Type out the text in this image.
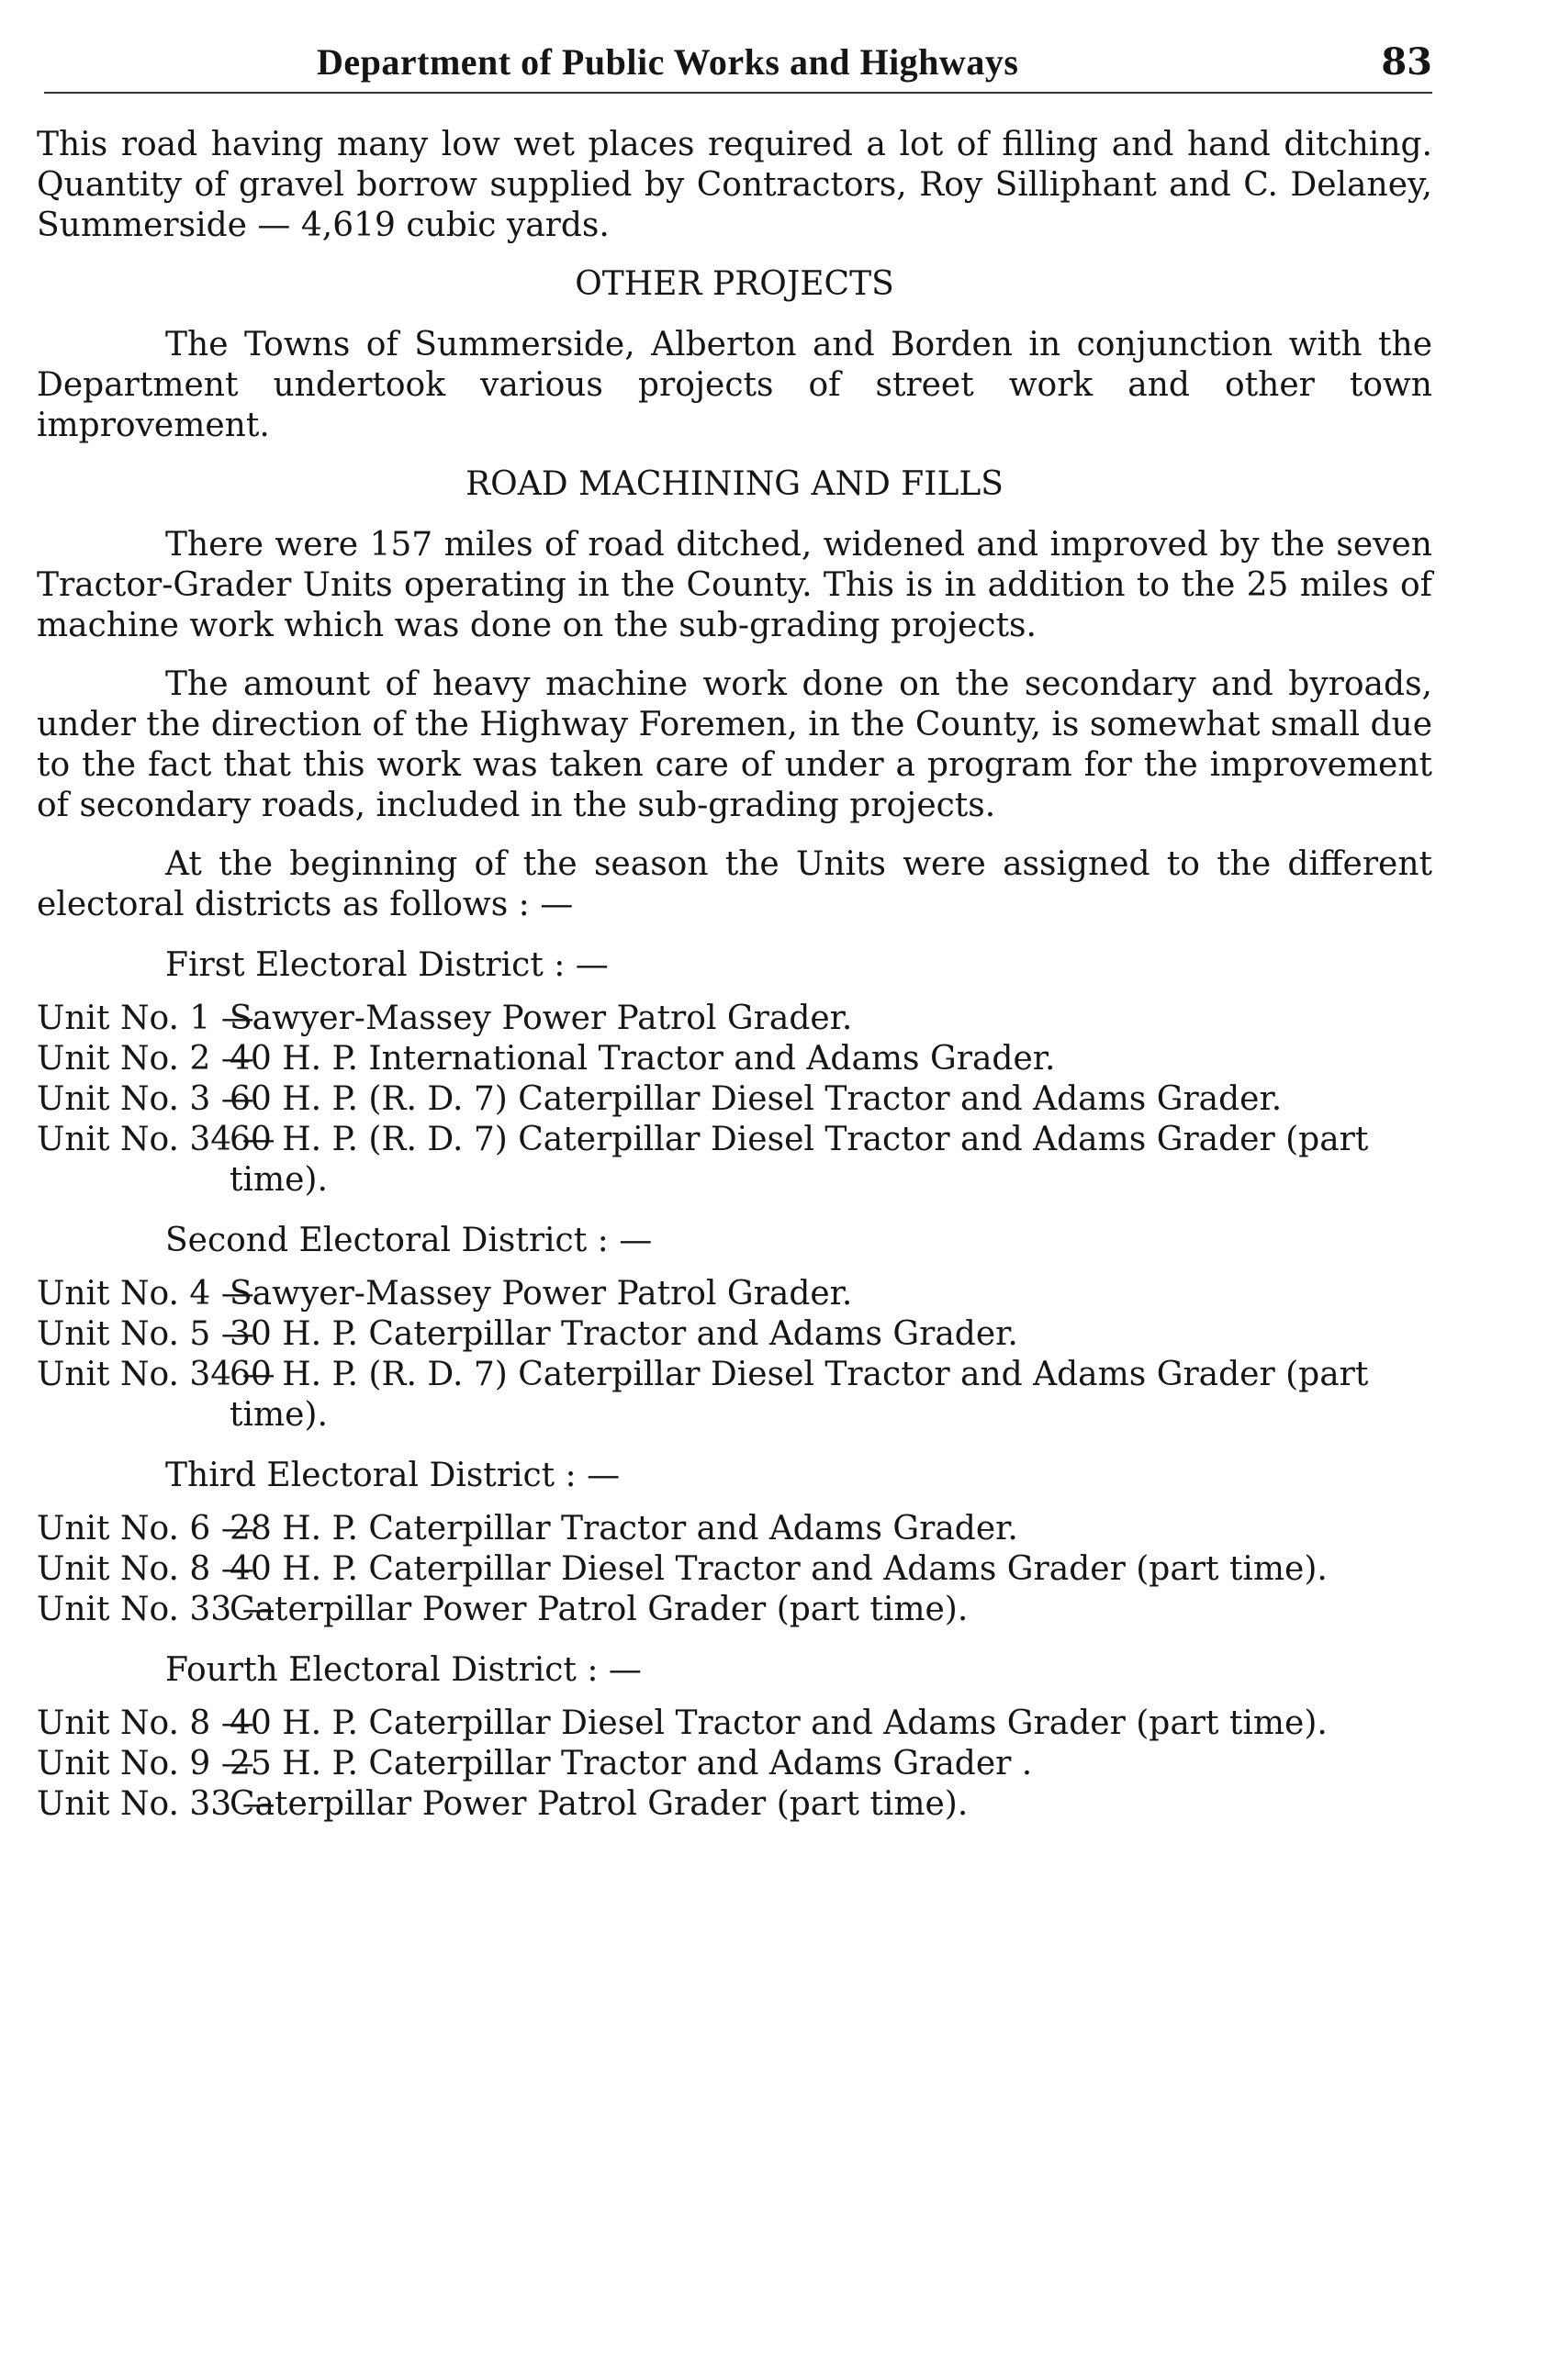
Department of Public Works and Highways	83

This road having many low wet places required a lot of filling and hand ditching. Quantity of gravel borrow supplied by Contractors, Roy Silliphant and C. Delaney, Summerside — 4,619 cubic yards.

OTHER PROJECTS

The Towns of Summerside, Alberton and Borden in conjunction with the Department undertook various projects of street work and other town improvement.

ROAD MACHINING AND FILLS

There were 157 miles of road ditched, widened and improved by the seven Tractor-Grader Units operating in the County. This is in addition to the 25 miles of machine work which was done on the sub-grading projects.

The amount of heavy machine work done on the secondary and byroads, under the direction of the Highway Foremen, in the County, is somewhat small due to the fact that this work was taken care of under a program for the improvement of secondary roads, included in the sub-grading projects.

At the beginning of the season the Units were assigned to the different electoral districts as follows : —

First Electoral District : —
Unit No. 1 —
Sawyer-Massey Power Patrol Grader.
Unit No. 2 —
40 H. P. International Tractor and Adams Grader.
Unit No. 3 —
60 H. P. (R. D. 7) Caterpillar Diesel Tractor and Adams Grader.
Unit No. 34 —
60 H. P. (R. D. 7) Caterpillar Diesel Tractor and Adams Grader (part time).
Second Electoral District : —
Unit No. 4 —
Sawyer-Massey Power Patrol Grader.
Unit No. 5 —
30 H. P. Caterpillar Tractor and Adams Grader.
Unit No. 34 —
60 H. P. (R. D. 7) Caterpillar Diesel Tractor and Adams Grader (part time).
Third Electoral District : —
Unit No. 6 —
28 H. P. Caterpillar Tractor and Adams Grader.
Unit No. 8 —
40 H. P. Caterpillar Diesel Tractor and Adams Grader (part time).
Unit No. 33 —
Caterpillar Power Patrol Grader (part time).
Fourth Electoral District : —
Unit No. 8 —
40 H. P. Caterpillar Diesel Tractor and Adams Grader (part time).
Unit No. 9 —
25 H. P. Caterpillar Tractor and Adams Grader .
Unit No. 33 —
Caterpillar Power Patrol Grader (part time).
